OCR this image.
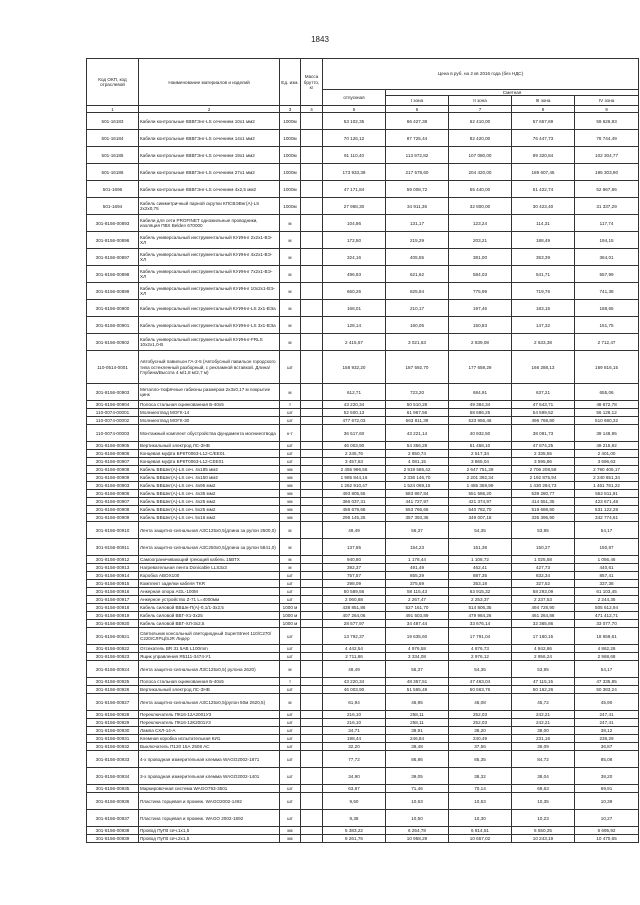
1843
Код ОКП, код отраслевой	Наименование материалов и изделий	Ед. изм.	Масса брутто, кг	Цена в руб. на 2 кв 2016 года (без НДС)				
				отпускная	Сметная			
					I зона	II зона	III зона	IV зона
1	2	3	4	5	6	7	8	9
501-16183	Кабели контрольные КВВГЭнг-LS сечением 10х1 мм2	1000м		53 102,35	66 427,38	62 410,00	57 657,69	59 626,93
501-16184	Кабели контрольные КВВГЭнг-LS сечением 14х1 мм2	1000м		70 126,12	87 725,44	82 420,00	76 447,73	78 744,49
501-16185	Кабели контрольные КВВГЭнг-LS сечением 19х1 мм2	1000м		91 110,40	113 972,82	107 080,00	99 320,84	102 304,77
501-16186	Кабели контрольные КВВГЭнг-LS сечением 27х1 мм2	1000м		173 933,39	217 578,60	204 420,00	189 607,45	195 303,90
501-1696	Кабели контрольные КВВГЭнг-LS сечением 4х2,5 мм2	1000м		47 171,84	59 008,72	55 440,00	51 422,74	52 967,86
501-1694	Кабель симметричный парной скрутки КПСВЭВнг(А)-LS 2х2х0,75	1000м		27 968,30	34 911,36	32 800,00	30 423,40	31 337,29
301-8156-00893	Кабели для сети PROFINET одножильные проводники, изоляция ПВХ Belden 670000	м		104,86	131,17	123,24	114,31	117,74
301-8156-00896	Кабель универсальный инструментальный КУИНнг 2х2х1-ВЭ-ХЛ	м		172,50	215,29	203,21	188,49	194,15
301-8156-00897	Кабель универсальный инструментальный КУИНнг 4х2х1-ВЭ-ХЛ	м		324,16	405,55	381,00	353,39	364,01
301-8156-00898	Кабель универсальный инструментальный КУИНнг 7х2х1-ВЭ-ХЛ	м		496,93	621,62	584,03	541,71	557,99
301-8156-00899	Кабель универсальный инструментальный КУИНнг 10х2х1-ВЭ-ХЛ	м		660,26	825,94	775,99	719,76	741,38
301-8156-00900	Кабель универсальный инструментальный КУИНнг-LS 2х1-ВЭа	м		168,01	210,17	197,46	183,15	188,65
301-8156-00901	Кабель универсальный инструментальный КУИНнг-LS 3х1-ВЭа	м		128,14	160,05	150,83	147,32	151,75
301-8156-00902	Кабель универсальный инструментальный КУИНнг-FRLS 10х2х1,0-В	м		2 415,67	3 021,63	2 839,08	2 633,38	2 712,47
110-0514-0001	Автобусный павильон ГА-2-5 (Автобусный павильон городского типа остекленный разборный, с рекламной вставкой. Длина/Глубина/Высота 4 м/1,8 м/2,7 м)	шт		158 932,20	187 592,70	177 659,29	166 288,13	169 816,15
301-8156-00903	Металло-тюфячные габионы размером 2х3х0,17 м покрытие цинк	м		612,71	723,20	684,91	637,21	655,06
301-8156-00904	Полоса стальная оцинкованная Б-40х5	т		43 220,34	50 510,28	49 384,34	47 543,71	48 672,78
110-0074-00001	Молниеотвод МОГК-14	шт		52 500,13	61 967,56	58 686,25	54 599,52	56 128,12
110-0074-00002	Молниеотвод МОГК-30	шт		477 672,03	563 811,39	533 956,46	496 768,80	510 680,32
110-0074-00003	Монтажный комплект обустройства фундамента молниеотвода	к-т		36 517,60	43 221,14	40 932,50	38 081,73	39 148,95
301-8156-00905	Вертикальный электрод ЛС-ЗНВ	шт		46 003,90	54 356,28	51 458,10	47 874,25	49 215,92
301-8156-00906	Концевая муфта БРКТ0063-L12-С/ЕЕ01	шт		2 245,76	2 850,74	2 517,34	2 335,55	2 401,00
301-8156-00907	Концевая муфта БРКТ0063-L12-СЕЕ01	шт		3 457,63	4 081,15	3 865,04	3 595,86	3 696,63
301-8156-00908	Кабель ВВШнг(А)-LS сеч. 4х185 мм2	км		2 455 996,56	2 919 585,42	2 647 751,39	2 706 208,58	2 790 405,17
301-8156-00909	Кабель ВВШнг(А)-LS сеч. 4х150 мм2	км		1 985 844,16	2 336 146,70	2 201 392,34	2 192 875,94	2 240 651,34
301-8156-00903	Кабель ВВШнг(А)-LS сеч. 4х95 мм2	км		1 262 910,47	1 524 069,15	1 485 359,99	1 430 294,73	1 461 761,22
301-8156-00906	Кабель ВВШнг(А)-LS сеч. 4х35 мм2	км		493 805,55	583 867,84	551 586,20	539 280,77	552 811,91
301-8156-00907	Кабель ВВШнг(А)-LS сеч. 4х25 мм2	км		366 037,31	441 727,97	421 374,97	414 551,35	423 671,48
301-8156-00908	Кабель ВВШнг(А)-LS сеч. 5х25 мм2	км		458 679,68	553 766,65	540 782,70	519 688,90	531 122,28
301-8156-00909	Кабель ВВШнг(А)-LS сеч. 5х16 мм2	км		296 145,25	357 393,35	349 007,18	335 395,90	342 774,61
301-8156-00910	Лента защитно-сигнальная АЗС125х0,5(длина за рулон 2500,0)	м		49,49	56,37	54,35	53,95	54,17
301-8156-00911	Лента защитно-сигнальная АЗС250х0,5(длина за рулон 5841,0)	м		137,85	154,23	151,38	150,27	150,87
301-8156-00912	Самоограничивающий греющий кабель 15ВТХ	м		940,80	1 178,44	1 108,72	1 025,58	1 056,46
301-8156-00913	Нагревательная лента Donicable LLS3х3	м		392,37	491,49	462,41	427,73	440,61
301-8156-00914	Коробка ABOX100	шт		757,57	855,29	887,35	832,34	857,41
301-8156-00915	Комплект заделки кабеля TKR	шт		298,09	375,69	353,18	327,52	337,38
301-8156-00916	Анкерная опора AGL-100M	шт		50 589,56	58 115,43	63 915,32	58 293,09	61 103,45
301-8156-00917	Анкерное устройство Z-71 L=4000мм	шт		2 060,88	2 267,47	2 253,37	2 237,53	2 244,35
301-8156-00918	Кабель силовой ВВШн-П(А)-0,1/1-3х2,5	1000 м		438 851,86	527 161,70	514 806,35	494 728,90	505 612,94
301-8156-00919	Кабель силовой ВВГ-Х1-3х25	1000 м		407 264,06	491 503,89	479 984,26	461 264,88	471 412,71
301-8156-00920	Кабель силовой ВВГ-ХЛ-3х2,5	1000 м		28 577,97	34 487,44	33 676,14	32 365,86	33 077,70
301-8156-00921	Светильник консольный светодиодный SuperStreet 110/С270/С220/СЛРЦ/SJR Лидер	шт		13 792,37	19 635,60	17 791,04	17 180,15	18 659,61
301-8156-00922	Отсекатель BR 31 5АВ L100mm	шт		4 442,54	4 976,58	4 876,73	4 842,86	4 862,28
301-8156-00923	Ящик управления Я5111-3474-У1	шт		2 711,86	3 334,08	2 976,12	2 956,24	2 968,68
301-8156-00924	Лента защитно-сигнальная ЛЗС125х0,5( рулона 2620)	м		49,49	56,37	54,35	53,95	54,17
301-8156-00925	Полоса стальная оцинкованная Б-40х5	т		43 220,34	48 357,51	47 463,04	47 115,15	47 335,85
301-8156-00926	Вертикальный электрод ЛС-ЗНВ	шт		46 003,90	51 565,49	50 563,76	50 162,26	50 383,24
301-8156-00927	Лента защитно-сигнальная АЗС125х0,5(рулон 50м 2620,5)	м		61,94	46,95	46,08	45,72	45,90
301-8156-00928	Переключатель ПК16-12А2001У3	шт		216,10	258,11	252,03	242,21	247,41
301-8156-00929	Переключатель ПК16-12К2001У3	шт		216,10	258,11	252,03	242,21	247,41
301-8156-00930	Лампа СХЛ-14-А	шт		34,71	38,91	38,20	38,00	38,12
301-8156-00931	Клемная коробка испытательная КИ1	шт		198,44	246,84	240,49	231,16	236,29
301-8156-00932	Выключатель П120 15А 2508 АС	шт		32,20	38,48	37,56	36,09	36,87
301-8156-00933	4-х проводная измерительная клемма WAGO2002-1871	шт		77,72	86,86	85,35	84,72	85,08
301-8156-00934	3-х проводная измерительная клемма WAGO2002-1401	шт		34,90	39,05	38,32	38,04	38,20
301-8156-00935	Маркировочная система WAGO793-3501	шт		63,87	71,46	70,14	69,63	69,91
301-8156-00936	Пластина торцевая и промеж. WAGO2002-1492	шт		9,50	10,63	10,53	10,35	10,39
301-8156-00937	Пластина торцевая и промеж. WAGO 2002-1892	шт		9,38	10,50	10,30	10,23	10,27
301-8156-00938	Провод ПуГВ сеч.1х1,5	км		5 383,22	6 254,78	6 814,51	6 550,25	6 695,92
301-8156-00939	Провод ПуГВ сеч.2х1,5	км		8 261,76	10 958,29	10 657,02	10 243,19	10 470,65
